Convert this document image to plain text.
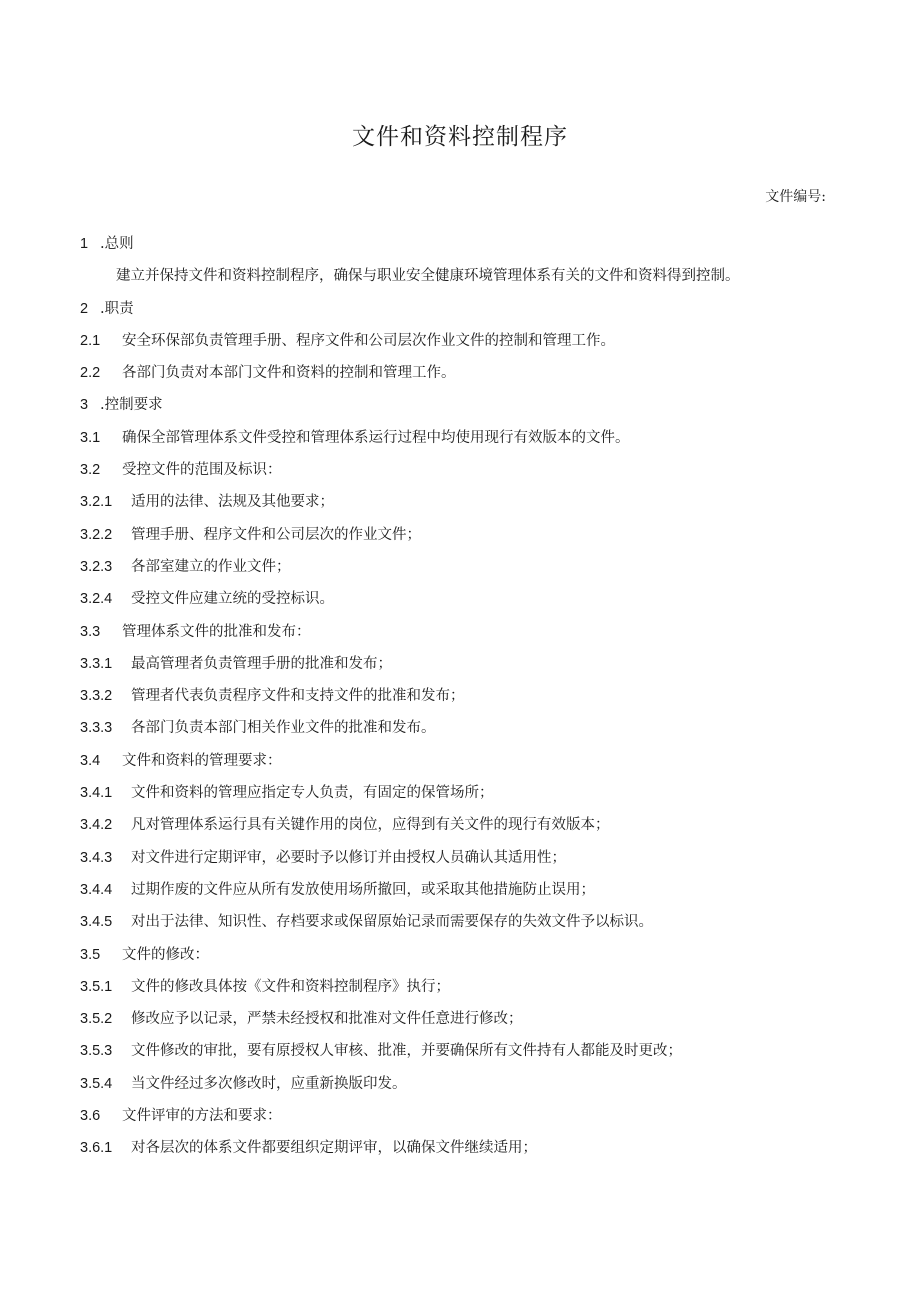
文件和资料控制程序
文件编号:
1 .总则
建立并保持文件和资料控制程序，确保与职业安全健康环境管理体系有关的文件和资料得到控制。
2 .职责
2.1	安全环保部负责管理手册、程序文件和公司层次作业文件的控制和管理工作。
2.2	各部门负责对本部门文件和资料的控制和管理工作。
3 .控制要求
3.1	确保全部管理体系文件受控和管理体系运行过程中均使用现行有效版本的文件。
3.2	受控文件的范围及标识：
3.2.1	适用的法律、法规及其他要求；
3.2.2	管理手册、程序文件和公司层次的作业文件；
3.2.3	各部室建立的作业文件；
3.2.4	受控文件应建立统的受控标识。
3.3	管理体系文件的批准和发布：
3.3.1	最高管理者负责管理手册的批准和发布；
3.3.2	管理者代表负责程序文件和支持文件的批准和发布；
3.3.3	各部门负责本部门相关作业文件的批准和发布。
3.4	文件和资料的管理要求：
3.4.1	文件和资料的管理应指定专人负责，有固定的保管场所；
3.4.2	凡对管理体系运行具有关键作用的岗位，应得到有关文件的现行有效版本；
3.4.3	对文件进行定期评审，必要时予以修订并由授权人员确认其适用性；
3.4.4	过期作废的文件应从所有发放使用场所撤回，或采取其他措施防止误用；
3.4.5	对出于法律、知识性、存档要求或保留原始记录而需要保存的失效文件予以标识。
3.5	文件的修改：
3.5.1	文件的修改具体按《文件和资料控制程序》执行；
3.5.2	修改应予以记录，严禁未经授权和批准对文件任意进行修改；
3.5.3	文件修改的审批，要有原授权人审核、批准，并要确保所有文件持有人都能及时更改；
3.5.4	当文件经过多次修改时，应重新换版印发。
3.6	文件评审的方法和要求：
3.6.1	对各层次的体系文件都要组织定期评审，以确保文件继续适用；
